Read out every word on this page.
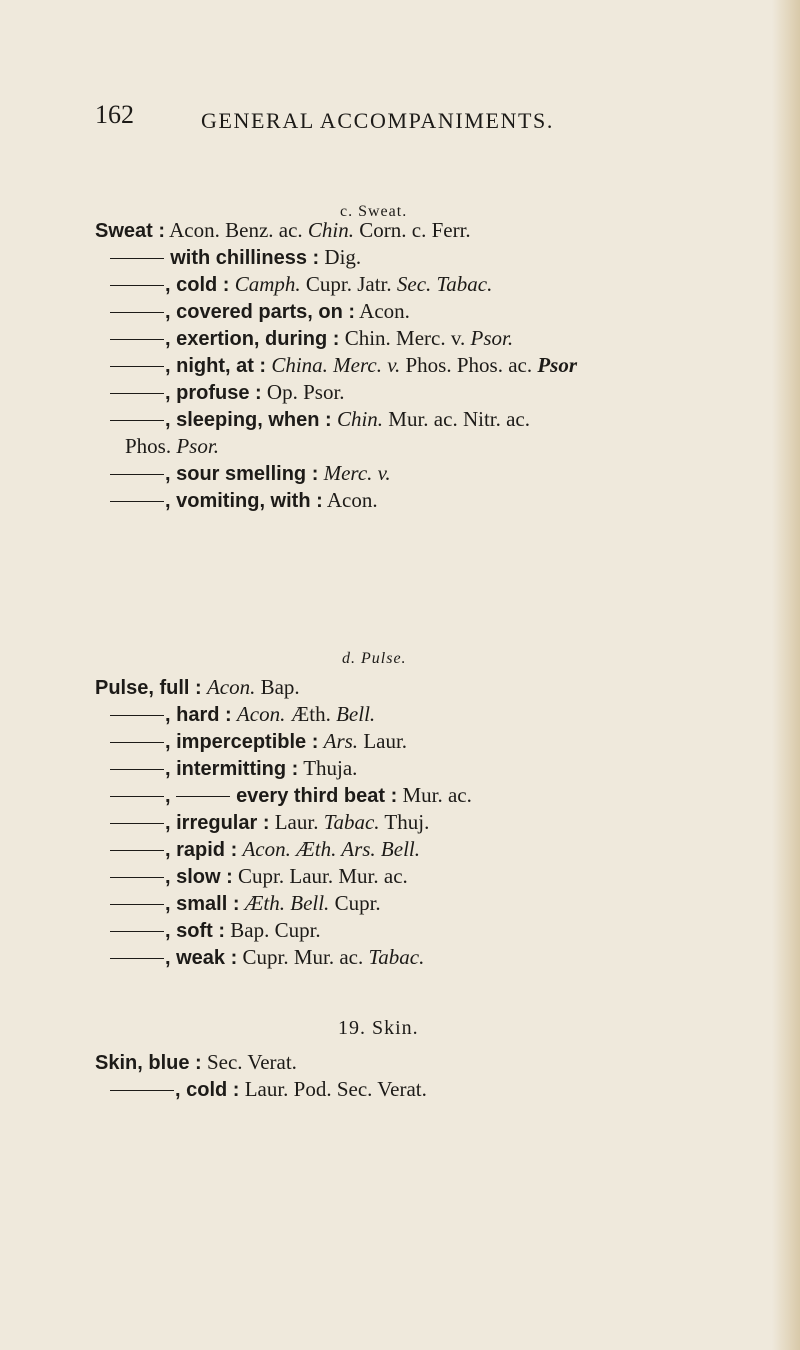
162	GENERAL ACCOMPANIMENTS.
c. Sweat.
Sweat : Acon. Benz. ac. Chin. Corn. c. Ferr.
with chilliness : Dig.
, cold : Camph. Cupr. Jatr. Sec. Tabac.
, covered parts, on : Acon.
, exertion, during : Chin. Merc. v. Psor.
, night, at : China. Merc. v. Phos. Phos. ac. Psor
, profuse : Op. Psor.
, sleeping, when : Chin. Mur. ac. Nitr. ac.
Phos. Psor.
, sour smelling : Merc. v.
, vomiting, with : Acon.
d. Pulse.
Pulse, full : Acon. Bap.
, hard : Acon. Æth. Bell.
, imperceptible : Ars. Laur.
, intermitting : Thuja.
,	every third beat : Mur. ac.
, irregular : Laur. Tabac. Thuj.
, rapid : Acon. Æth. Ars. Bell.
, slow : Cupr. Laur. Mur. ac.
, small : Æth. Bell. Cupr.
, soft : Bap. Cupr.
, weak : Cupr. Mur. ac. Tabac.
19. Skin.
Skin, blue : Sec. Verat.
, cold : Laur. Pod. Sec. Verat.
